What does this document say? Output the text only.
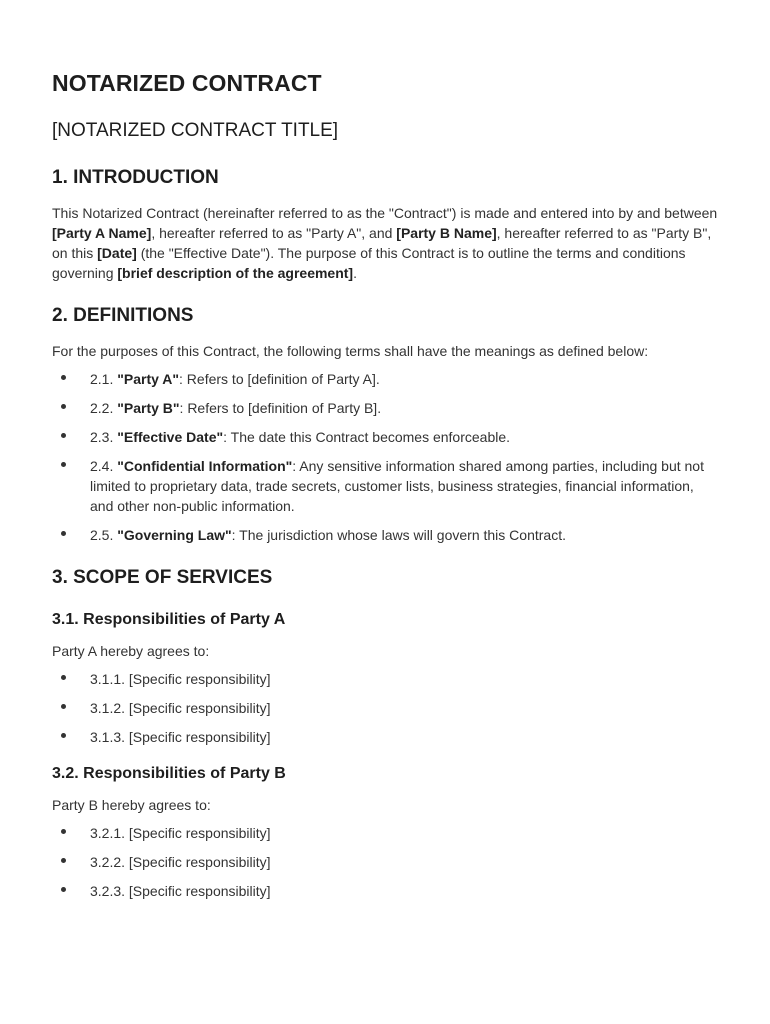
NOTARIZED CONTRACT
[NOTARIZED CONTRACT TITLE]
1. INTRODUCTION

This Notarized Contract (hereinafter referred to as the "Contract") is made and entered into by and between [Party A Name], hereafter referred to as "Party A", and [Party B Name], hereafter referred to as "Party B", on this [Date] (the "Effective Date"). The purpose of this Contract is to outline the terms and conditions governing [brief description of the agreement].

2. DEFINITIONS

For the purposes of this Contract, the following terms shall have the meanings as defined below:

2.1. "Party A": Refers to [definition of Party A].
2.2. "Party B": Refers to [definition of Party B].
2.3. "Effective Date": The date this Contract becomes enforceable.
2.4. "Confidential Information": Any sensitive information shared among parties, including but not limited to proprietary data, trade secrets, customer lists, business strategies, financial information, and other non-public information.
2.5. "Governing Law": The jurisdiction whose laws will govern this Contract.
3. SCOPE OF SERVICES
3.1. Responsibilities of Party A

Party A hereby agrees to:

3.1.1. [Specific responsibility]
3.1.2. [Specific responsibility]
3.1.3. [Specific responsibility]
3.2. Responsibilities of Party B

Party B hereby agrees to:

3.2.1. [Specific responsibility]
3.2.2. [Specific responsibility]
3.2.3. [Specific responsibility]
